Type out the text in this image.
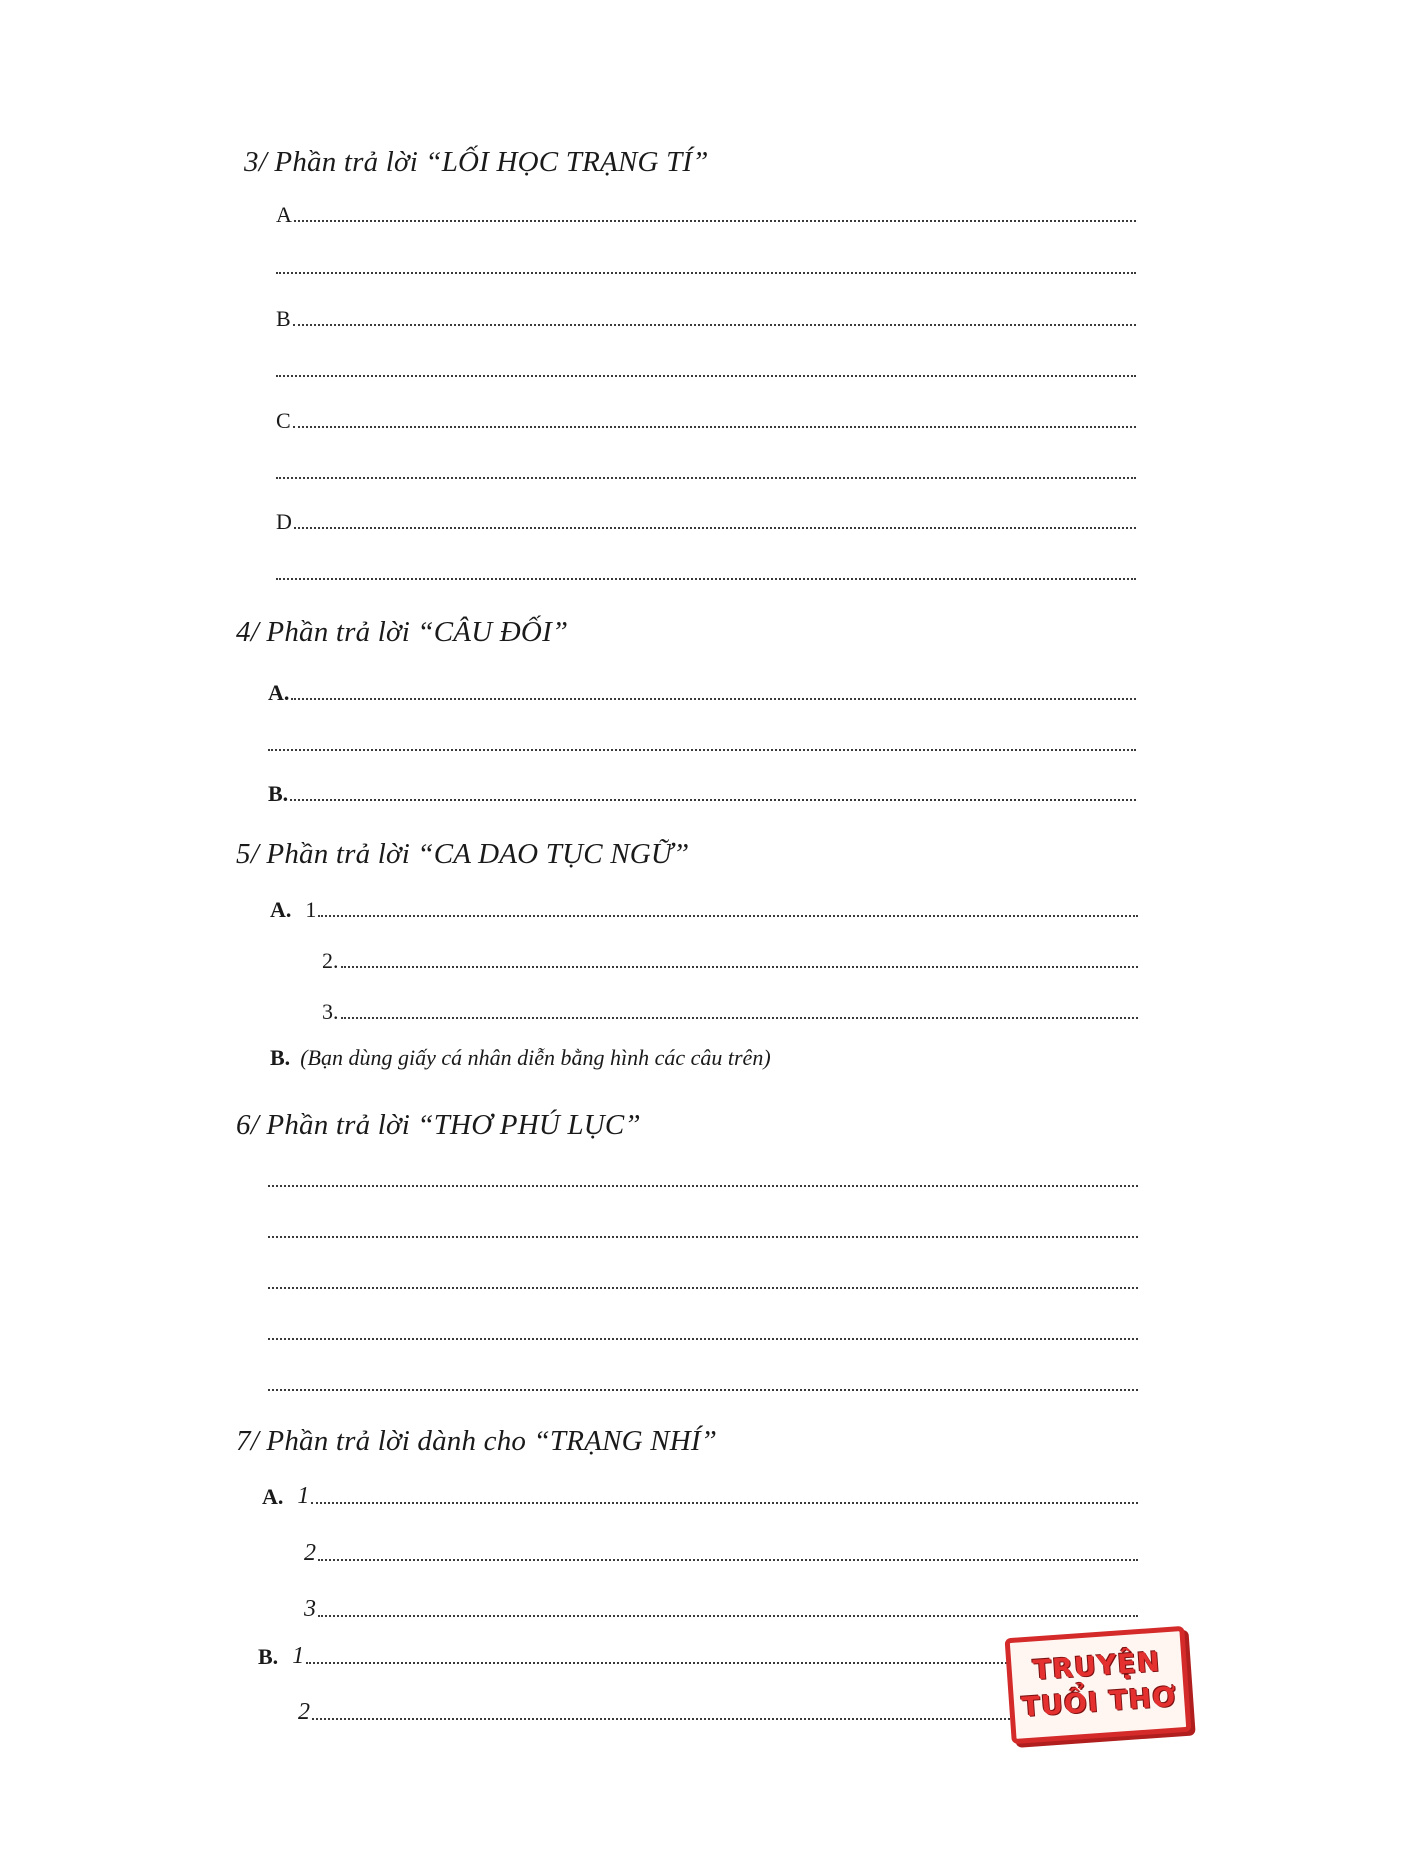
3/ Phần trả lời “LỐI HỌC TRẠNG TÍ”
A
B
C
D
4/ Phần trả lời “CÂU ĐỐI”
A.
B.
5/ Phần trả lời “CA DAO TỤC NGỮ”
A. 1
2.
3.
B. (Bạn dùng giấy cá nhân diễn bằng hình các câu trên)
6/ Phần trả lời “THƠ PHÚ LỤC”
7/ Phần trả lời dành cho “TRẠNG NHÍ”
A. 1
2
3
B. 1
2
TRUYỆN
TUỔI THƠ
